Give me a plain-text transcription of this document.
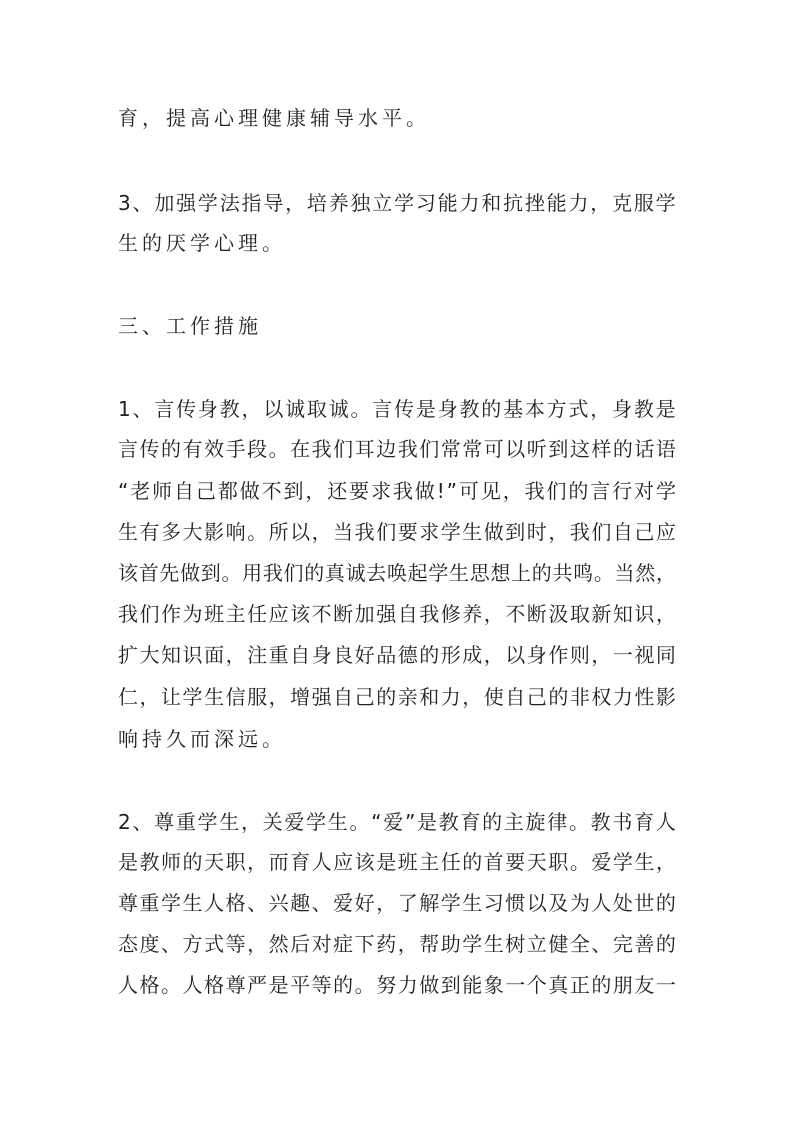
育，提高心理健康辅导水平。
3 、 加 强 学 法 指 导 ， 培 养 独 立 学 习 能 力 和 抗 挫 能 力 ， 克 服 学
生的厌学心理。
三、工作措施
1 、 言 传 身 教 ， 以 诚 取 诚 。 言 传 是 身 教 的 基 本 方 式 ， 身 教 是
言 传 的 有 效 手 段 。 在 我 们 耳 边 我 们 常 常 可 以 听 到 这 样 的 话 语
“ 老 师 自 己 都 做 不 到 ， 还 要 求 我 做 ! ” 可 见 ， 我 们 的 言 行 对 学
生 有 多 大 影 响 。 所 以 ， 当 我 们 要 求 学 生 做 到 时 ， 我 们 自 己 应
该 首 先 做 到 。 用 我 们 的 真 诚 去 唤 起 学 生 思 想 上 的 共 鸣 。 当 然 ，
我 们 作 为 班 主 任 应 该 不 断 加 强 自 我 修 养 ， 不 断 汲 取 新 知 识 ，
扩 大 知 识 面 ， 注 重 自 身 良 好 品 德 的 形 成 ， 以 身 作 则 ， 一 视 同
仁 ， 让 学 生 信 服 ， 增 强 自 己 的 亲 和 力 ， 使 自 己 的 非 权 力 性 影
响持久而深远。
2 、 尊 重 学 生 ， 关 爱 学 生 。 “ 爱 ” 是 教 育 的 主 旋 律 。 教 书 育 人
是 教 师 的 天 职 ， 而 育 人 应 该 是 班 主 任 的 首 要 天 职 。 爱 学 生 ，
尊 重 学 生 人 格 、 兴 趣 、 爱 好 ， 了 解 学 生 习 惯 以 及 为 人 处 世 的
态 度 、 方 式 等 ， 然 后 对 症 下 药 ， 帮 助 学 生 树 立 健 全 、 完 善 的
人 格 。 人 格 尊 严 是 平 等 的 。 努 力 做 到 能 象 一 个 真 正 的 朋 友 一
